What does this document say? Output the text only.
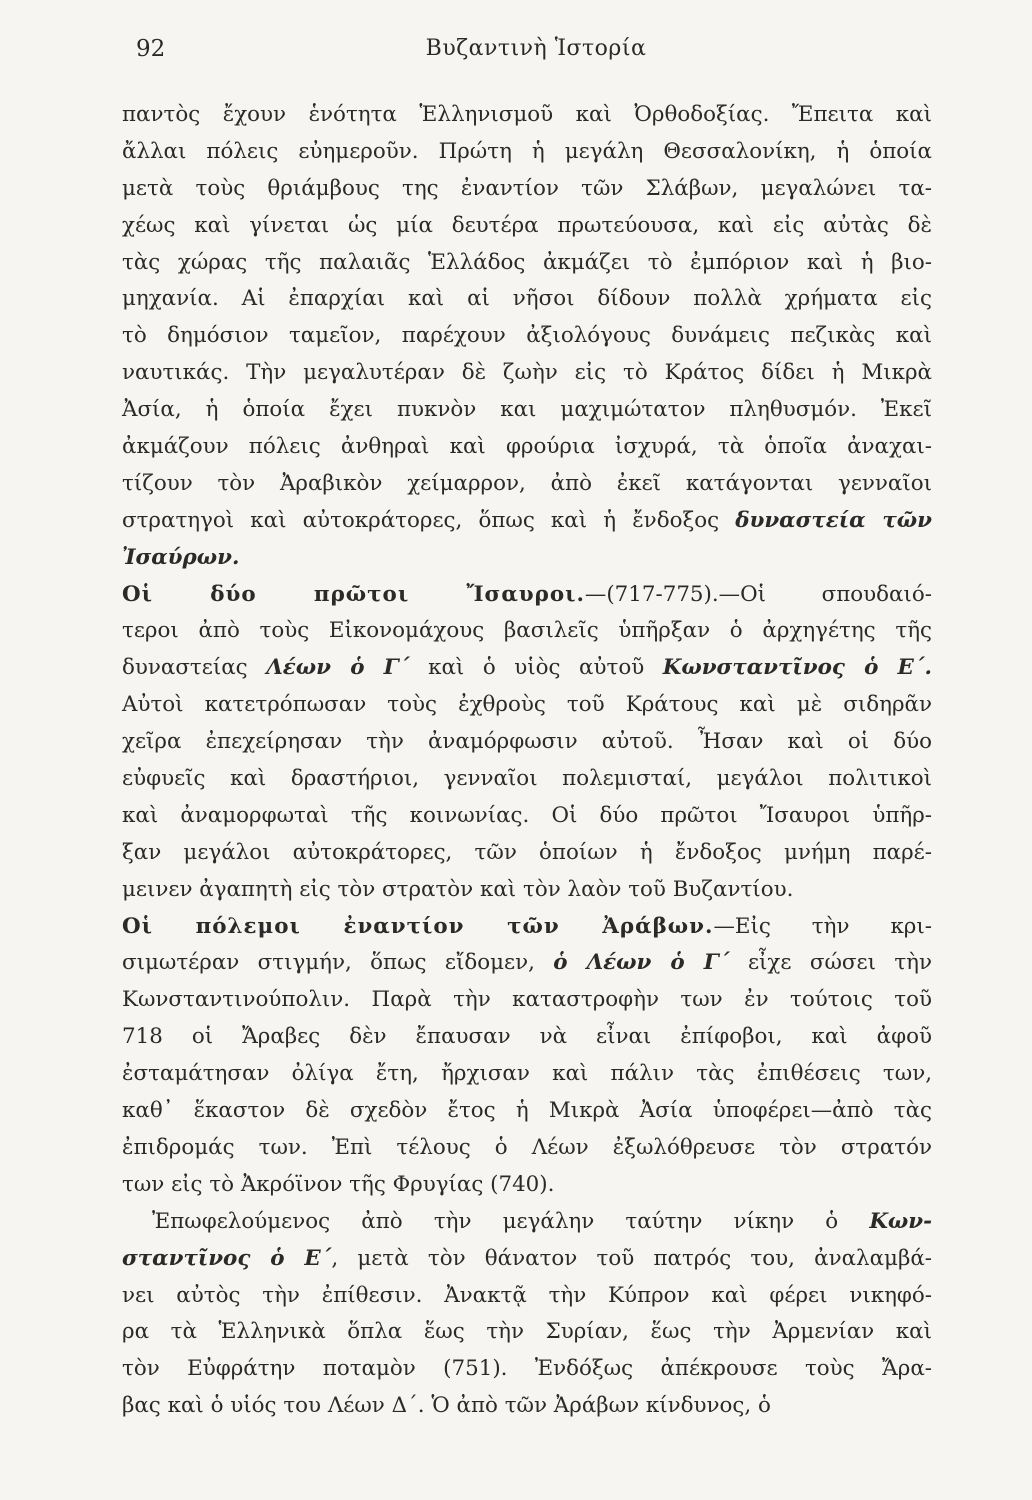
92	Βυζαντινὴ Ἱστορία
παντὸς ἔχουν ἑνότητα Ἑλληνισμοῦ καὶ Ὀρθοδοξίας. Ἔπειτα καὶ
ἄλλαι πόλεις εὐημεροῦν. Πρώτη ἡ μεγάλη Θεσσαλονίκη, ἡ ὁποία
μετὰ τοὺς θριάμβους της ἐναντίον τῶν Σλάβων, μεγαλώνει τα-
χέως καὶ γίνεται ὡς μία δευτέρα πρωτεύουσα, καὶ εἰς αὐτὰς δὲ
τὰς χώρας τῆς παλαιᾶς Ἑλλάδος ἀκμάζει τὸ ἐμπόριον καὶ ἡ βιο-
μηχανία. Αἱ ἐπαρχίαι καὶ αἱ νῆσοι δίδουν πολλὰ χρήματα εἰς
τὸ δημόσιον ταμεῖον, παρέχουν ἀξιολόγους δυνάμεις πεζικὰς καὶ
ναυτικάς. Τὴν μεγαλυτέραν δὲ ζωὴν εἰς τὸ Κράτος δίδει ἡ Μικρὰ
Ἀσία, ἡ ὁποία ἔχει πυκνὸν και μαχιμώτατον πληθυσμόν. Ἐκεῖ
ἀκμάζουν πόλεις ἀνθηραὶ καὶ φρούρια ἰσχυρά, τὰ ὁποῖα ἀναχαι-
τίζουν τὸν Ἀραβικὸν χείμαρρον, ἀπὸ ἐκεῖ κατάγονται γενναῖοι
στρατηγοὶ καὶ αὐτοκράτορες, ὅπως καὶ ἡ ἔνδοξος δυναστεία τῶν
Ἰσαύρων.
Οἱ δύο πρῶτοι Ἴσαυροι.—(717-775).—Οἱ σπουδαιό-
τεροι ἀπὸ τοὺς Εἰκονομάχους βασιλεῖς ὑπῆρξαν ὁ ἀρχηγέτης τῆς
δυναστείας Λέων ὁ Γ΄ καὶ ὁ υἱὸς αὐτοῦ Κωνσταντῖνος ὁ Ε΄.
Αὐτοὶ κατετρόπωσαν τοὺς ἐχθροὺς τοῦ Κράτους καὶ μὲ σιδηρᾶν
χεῖρα ἐπεχείρησαν τὴν ἀναμόρφωσιν αὐτοῦ. Ἦσαν καὶ οἱ δύο
εὐφυεῖς καὶ δραστήριοι, γενναῖοι πολεμισταί, μεγάλοι πολιτικοὶ
καὶ ἀναμορφωταὶ τῆς κοινωνίας. Οἱ δύο πρῶτοι Ἴσαυροι ὑπῆρ-
ξαν μεγάλοι αὐτοκράτορες, τῶν ὁποίων ἡ ἔνδοξος μνήμη παρέ-
μεινεν ἀγαπητὴ εἰς τὸν στρατὸν καὶ τὸν λαὸν τοῦ Βυζαντίου.
Οἱ πόλεμοι ἐναντίον τῶν Ἀράβων.—Εἰς τὴν κρι-
σιμωτέραν στιγμήν, ὅπως εἴδομεν, ὁ Λέων ὁ Γ΄ εἶχε σώσει τὴν
Κωνσταντινούπολιν. Παρὰ τὴν καταστροφὴν των ἐν τούτοις τοῦ
718 οἱ Ἄραβες δὲν ἔπαυσαν νὰ εἶναι ἐπίφοβοι, καὶ ἀφοῦ
ἐσταμάτησαν ὀλίγα ἔτη, ἤρχισαν καὶ πάλιν τὰς ἐπιθέσεις των,
καθ᾿ ἕκαστον δὲ σχεδὸν ἔτος ἡ Μικρὰ Ἀσία ὑποφέρει—ἀπὸ τὰς
ἐπιδρομάς των. Ἐπὶ τέλους ὁ Λέων ἐξωλόθρευσε τὸν στρατόν
των εἰς τὸ Ἀκρόϊνον τῆς Φρυγίας (740).
Ἐπωφελούμενος ἀπὸ τὴν μεγάλην ταύτην νίκην ὁ Κων-
σταντῖνος ὁ Ε΄, μετὰ τὸν θάνατον τοῦ πατρός του, ἀναλαμβά-
νει αὐτὸς τὴν ἐπίθεσιν. Ἀνακτᾷ τὴν Κύπρον καὶ φέρει νικηφό-
ρα τὰ Ἑλληνικὰ ὅπλα ἕως τὴν Συρίαν, ἕως τὴν Ἀρμενίαν καὶ
τὸν Εὐφράτην ποταμὸν (751). Ἐνδόξως ἀπέκρουσε τοὺς Ἄρα-
βας καὶ ὁ υἱός του Λέων Δ΄. Ὁ ἀπὸ τῶν Ἀράβων κίνδυνος, ὁ
